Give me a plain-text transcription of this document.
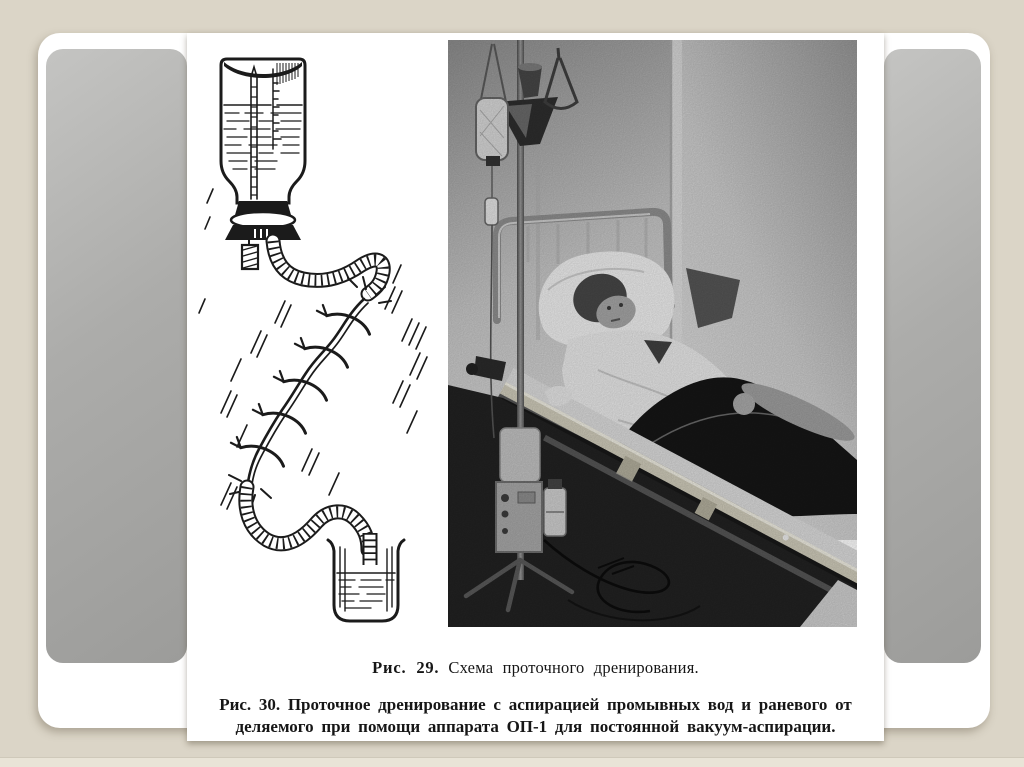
Рис. 29. Схема проточного дренирования.

Рис. 30. Проточное дренирование с аспирацией промывных вод и раневого от
деляемого при помощи аппарата ОП-1 для постоянной вакуум-аспирации.
